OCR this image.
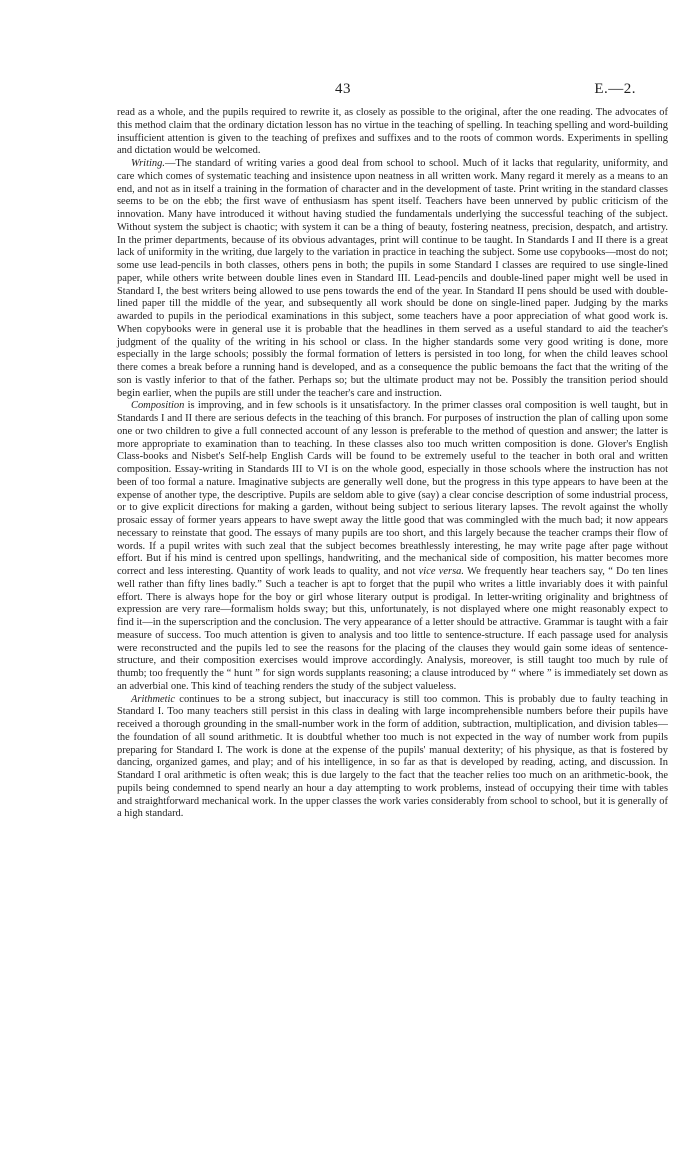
43	E.—2.

read as a whole, and the pupils required to rewrite it, as closely as possible to the original, after the one reading. The advocates of this method claim that the ordinary dictation lesson has no virtue in the teaching of spelling. In teaching spelling and word-building insufficient attention is given to the teaching of prefixes and suffixes and to the roots of common words. Experiments in spelling and dictation would be welcomed.

Writing.—The standard of writing varies a good deal from school to school. Much of it lacks that regularity, uniformity, and care which comes of systematic teaching and insistence upon neatness in all written work. Many regard it merely as a means to an end, and not as in itself a training in the formation of character and in the development of taste. Print writing in the standard classes seems to be on the ebb; the first wave of enthusiasm has spent itself. Teachers have been unnerved by public criticism of the innovation. Many have introduced it without having studied the fundamentals underlying the successful teaching of the subject. Without system the subject is chaotic; with system it can be a thing of beauty, fostering neatness, precision, despatch, and artistry. In the primer departments, because of its obvious advantages, print will continue to be taught. In Standards I and II there is a great lack of uniformity in the writing, due largely to the variation in practice in teaching the subject. Some use copybooks—most do not; some use lead-pencils in both classes, others pens in both; the pupils in some Standard I classes are required to use single-lined paper, while others write between double lines even in Standard III. Lead-pencils and double-lined paper might well be used in Standard I, the best writers being allowed to use pens towards the end of the year. In Standard II pens should be used with double-lined paper till the middle of the year, and subsequently all work should be done on single-lined paper. Judging by the marks awarded to pupils in the periodical examinations in this subject, some teachers have a poor appreciation of what good work is. When copybooks were in general use it is probable that the headlines in them served as a useful standard to aid the teacher's judgment of the quality of the writing in his school or class. In the higher standards some very good writing is done, more especially in the large schools; possibly the formal formation of letters is persisted in too long, for when the child leaves school there comes a break before a running hand is developed, and as a consequence the public bemoans the fact that the writing of the son is vastly inferior to that of the father. Perhaps so; but the ultimate product may not be. Possibly the transition period should begin earlier, when the pupils are still under the teacher's care and instruction.

Composition is improving, and in few schools is it unsatisfactory. In the primer classes oral composition is well taught, but in Standards I and II there are serious defects in the teaching of this branch. For purposes of instruction the plan of calling upon some one or two children to give a full connected account of any lesson is preferable to the method of question and answer; the latter is more appropriate to examination than to teaching. In these classes also too much written composition is done. Glover's English Class-books and Nisbet's Self-help English Cards will be found to be extremely useful to the teacher in both oral and written composition. Essay-writing in Standards III to VI is on the whole good, especially in those schools where the instruction has not been of too formal a nature. Imaginative subjects are generally well done, but the progress in this type appears to have been at the expense of another type, the descriptive. Pupils are seldom able to give (say) a clear concise description of some industrial process, or to give explicit directions for making a garden, without being subject to serious literary lapses. The revolt against the wholly prosaic essay of former years appears to have swept away the little good that was commingled with the much bad; it now appears necessary to reinstate that good. The essays of many pupils are too short, and this largely because the teacher cramps their flow of words. If a pupil writes with such zeal that the subject becomes breathlessly interesting, he may write page after page without effort. But if his mind is centred upon spellings, handwriting, and the mechanical side of composition, his matter becomes more correct and less interesting. Quantity of work leads to quality, and not vice versa. We frequently hear teachers say, “ Do ten lines well rather than fifty lines badly.” Such a teacher is apt to forget that the pupil who writes a little invariably does it with painful effort. There is always hope for the boy or girl whose literary output is prodigal. In letter-writing originality and brightness of expression are very rare—formalism holds sway; but this, unfortunately, is not displayed where one might reasonably expect to find it—in the superscription and the conclusion. The very appearance of a letter should be attractive. Grammar is taught with a fair measure of success. Too much attention is given to analysis and too little to sentence-structure. If each passage used for analysis were reconstructed and the pupils led to see the reasons for the placing of the clauses they would gain some ideas of sentence-structure, and their composition exercises would improve accordingly. Analysis, moreover, is still taught too much by rule of thumb; too frequently the “ hunt ” for sign words supplants reasoning; a clause introduced by “ where ” is immediately set down as an adverbial one. This kind of teaching renders the study of the subject valueless.

Arithmetic continues to be a strong subject, but inaccuracy is still too common. This is probably due to faulty teaching in Standard I. Too many teachers still persist in this class in dealing with large incomprehensible numbers before their pupils have received a thorough grounding in the small-number work in the form of addition, subtraction, multiplication, and division tables—the foundation of all sound arithmetic. It is doubtful whether too much is not expected in the way of number work from pupils preparing for Standard I. The work is done at the expense of the pupils' manual dexterity; of his physique, as that is fostered by dancing, organized games, and play; and of his intelligence, in so far as that is developed by reading, acting, and discussion. In Standard I oral arithmetic is often weak; this is due largely to the fact that the teacher relies too much on an arithmetic-book, the pupils being condemned to spend nearly an hour a day attempting to work problems, instead of occupying their time with tables and straightforward mechanical work. In the upper classes the work varies considerably from school to school, but it is generally of a high standard.
